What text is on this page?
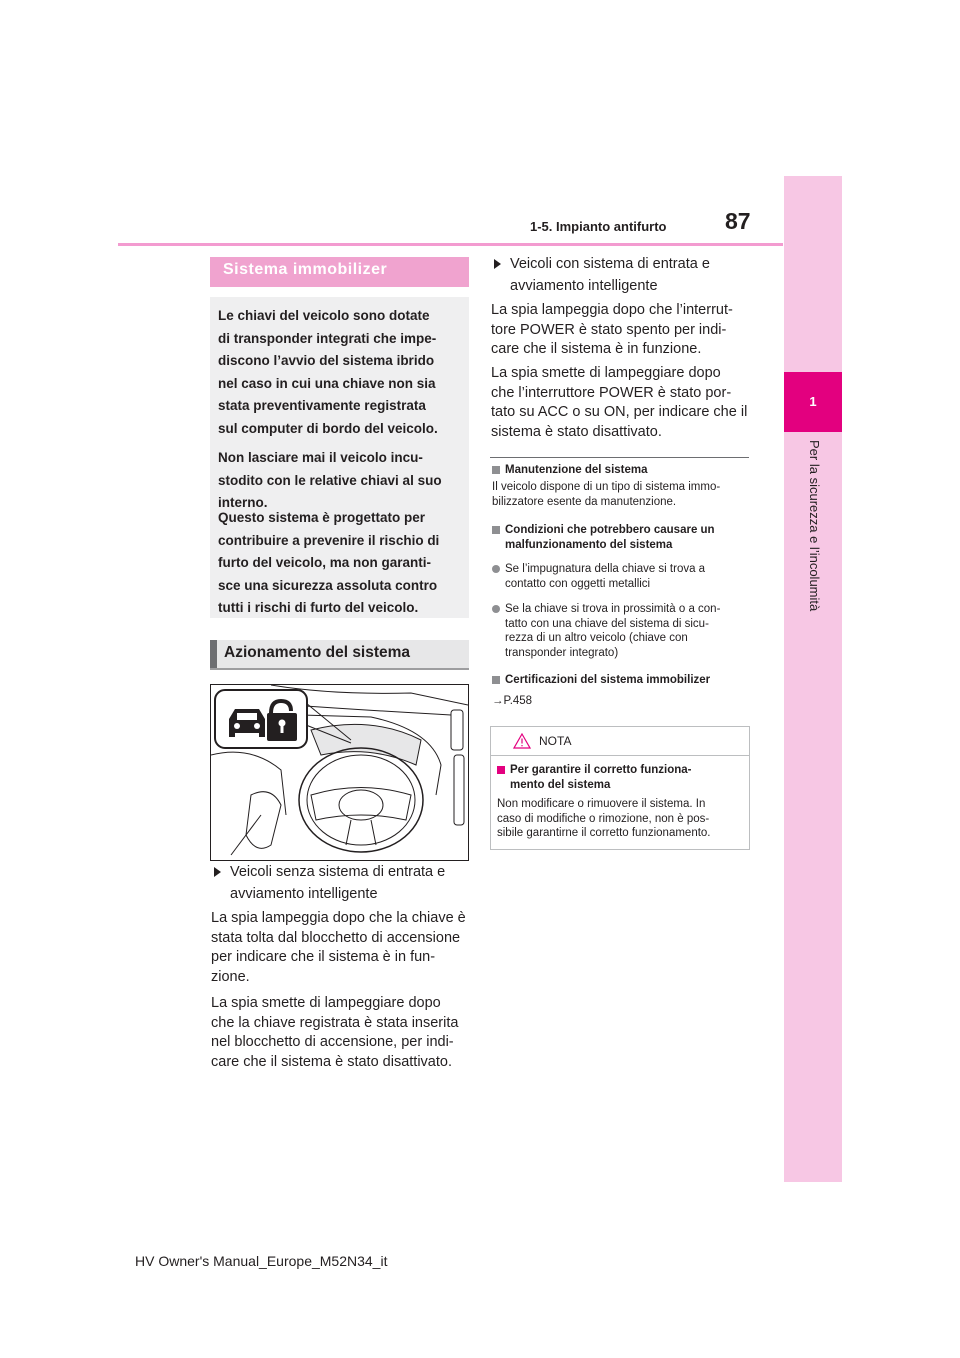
87
1-5. Impianto antifurto
1
Per la sicurezza e l’incolumità
Sistema immobilizer

Le chiavi del veicolo sono dotate
di transponder integrati che impe-
discono l’avvio del sistema ibrido
nel caso in cui una chiave non sia
stata preventivamente registrata
sul computer di bordo del veicolo.

Non lasciare mai il veicolo incu-
stodito con le relative chiavi al suo
interno.

Questo sistema è progettato per
contribuire a prevenire il rischio di
furto del veicolo, ma non garanti-
sce una sicurezza assoluta contro
tutti i rischi di furto del veicolo.

Azionamento del sistema
Veicoli senza sistema di entrata e
avviamento intelligente

La spia lampeggia dopo che la chiave è
stata tolta dal blocchetto di accensione
per indicare che il sistema è in fun-
zione.

La spia smette di lampeggiare dopo
che la chiave registrata è stata inserita
nel blocchetto di accensione, per indi-
care che il sistema è stato disattivato.

Veicoli con sistema di entrata e
avviamento intelligente

La spia lampeggia dopo che l’interrut-
tore POWER è stato spento per indi-
care che il sistema è in funzione.

La spia smette di lampeggiare dopo
che l’interruttore POWER è stato por-
tato su ACC o su ON, per indicare che il
sistema è stato disattivato.

Manutenzione del sistema
Il veicolo dispone di un tipo di sistema immo-
bilizzatore esente da manutenzione.
Condizioni che potrebbero causare un
malfunzionamento del sistema
Se l’impugnatura della chiave si trova a
contatto con oggetti metallici
Se la chiave si trova in prossimità o a con-
tatto con una chiave del sistema di sicu-
rezza di un altro veicolo (chiave con
transponder integrato)
Certificazioni del sistema immobilizer
→P.458
NOTA
Per garantire il corretto funziona-
mento del sistema
Non modificare o rimuovere il sistema. In
caso di modifiche o rimozione, non è pos-
sibile garantirne il corretto funzionamento.
HV Owner's Manual_Europe_M52N34_it
